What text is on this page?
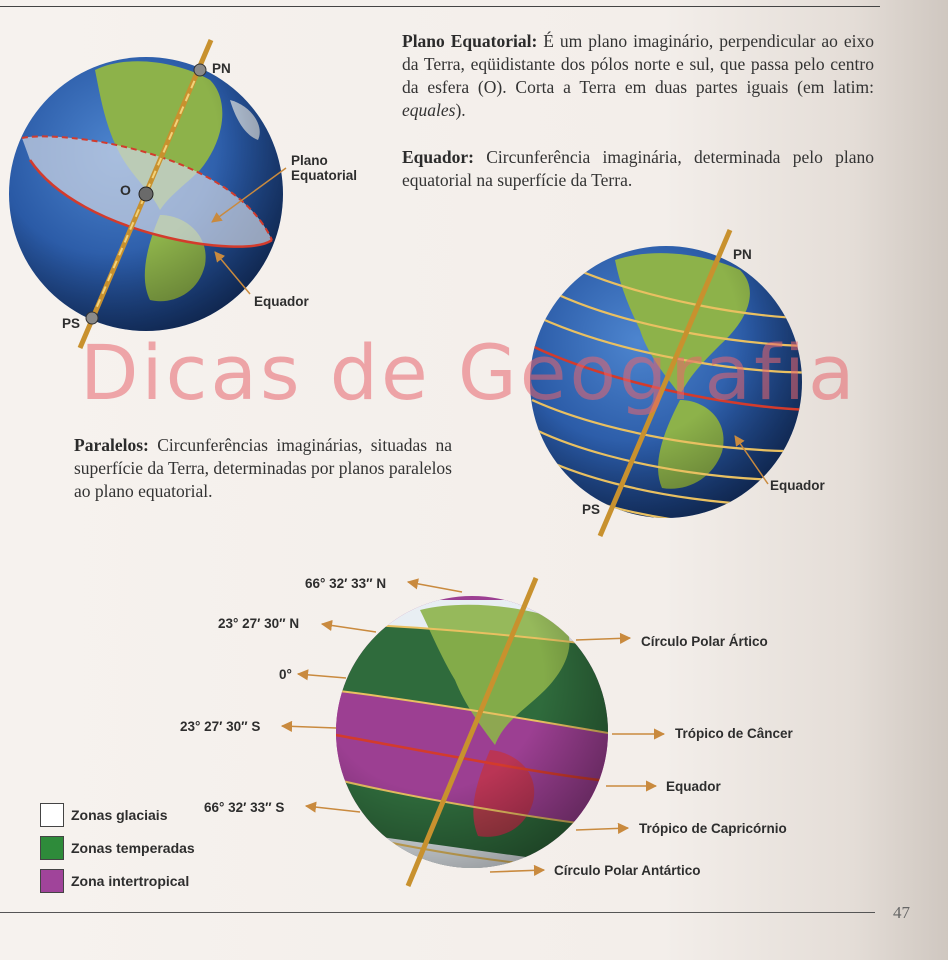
Plano Equatorial: É um plano imaginário, perpendicular ao eixo da Terra, eqüidistante dos pólos norte e sul, que passa pelo centro da esfera (O). Corta a Terra em duas partes iguais (em latim: equales).
Equador: Circunferência imaginária, determinada pelo plano equatorial na superfície da Terra.
Paralelos: Circunferências imaginárias, situadas na superfície da Terra, determinadas por planos paralelos ao plano equatorial.
PN
O
PS
Plano
Equatorial
Equador
PN
PS
Equador
66° 32′ 33″ N
23° 27′ 30″ N
0°
23° 27′ 30″ S
66° 32′ 33″ S
Círculo Polar Ártico
Trópico de Câncer
Equador
Trópico de Capricórnio
Círculo Polar Antártico
Zonas glaciais
Zonas temperadas
Zona intertropical
Dicas de Geografia
47
